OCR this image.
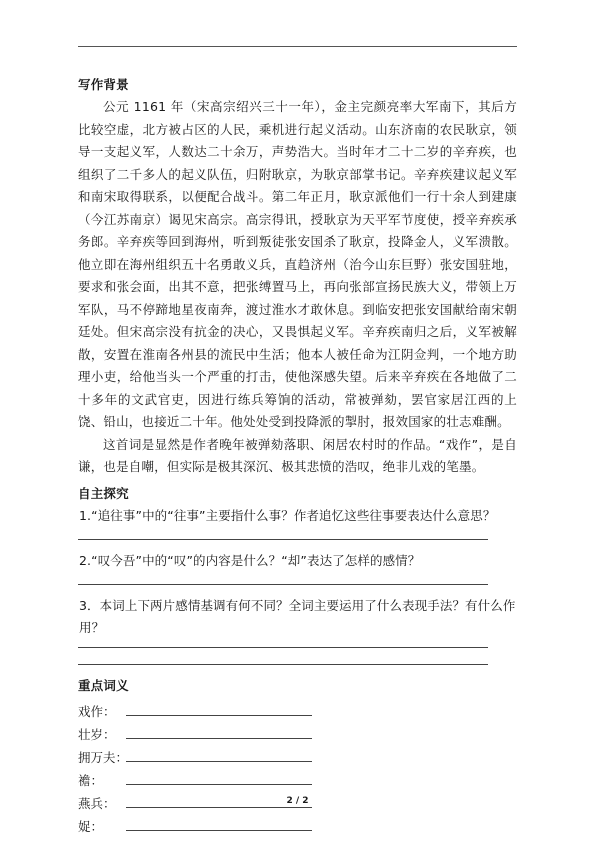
写作背景

公元 1161 年（宋高宗绍兴三十一年），金主完颜亮率大军南下，其后方比较空虚，北方被占区的人民，乘机进行起义活动。山东济南的农民耿京，领导一支起义军，人数达二十余万，声势浩大。当时年才二十二岁的辛弃疾，也组织了二千多人的起义队伍，归附耿京，为耿京部掌书记。辛弃疾建议起义军和南宋取得联系，以便配合战斗。第二年正月，耿京派他们一行十余人到建康（今江苏南京）谒见宋高宗。高宗得讯，授耿京为天平军节度使，授辛弃疾承务郎。辛弃疾等回到海州，听到叛徒张安国杀了耿京，投降金人，义军溃散。他立即在海州组织五十名勇敢义兵，直趋济州（治今山东巨野）张安国驻地，要求和张会面，出其不意，把张缚置马上，再向张部宣扬民族大义，带领上万军队，马不停蹄地星夜南奔，渡过淮水才敢休息。到临安把张安国献给南宋朝廷处。但宋高宗没有抗金的决心，又畏惧起义军。辛弃疾南归之后，义军被解散，安置在淮南各州县的流民中生活；他本人被任命为江阴佥判，一个地方助理小吏，给他当头一个严重的打击，使他深感失望。后来辛弃疾在各地做了二十多年的文武官吏，因进行练兵筹饷的活动，常被弹劾，罢官家居江西的上饶、铅山，也接近二十年。他处处受到投降派的掣肘，报效国家的壮志难酬。

这首词是显然是作者晚年被弹劾落职、闲居农村时的作品。“戏作”，是自谦，也是自嘲，但实际是极其深沉、极其悲愤的浩叹，绝非儿戏的笔墨。

自主探究
1.“追往事”中的“往事”主要指什么事？作者追忆这些往事要表达什么意思？
2.“叹今吾”中的“叹”的内容是什么？“却”表达了怎样的感情？
3．本词上下两片感情基调有何不同？全词主要运用了什么表现手法？有什么作用？
重点词义
戏作：
壮岁：
拥万夫：
襜：
燕兵：
娖：
2 / 2
